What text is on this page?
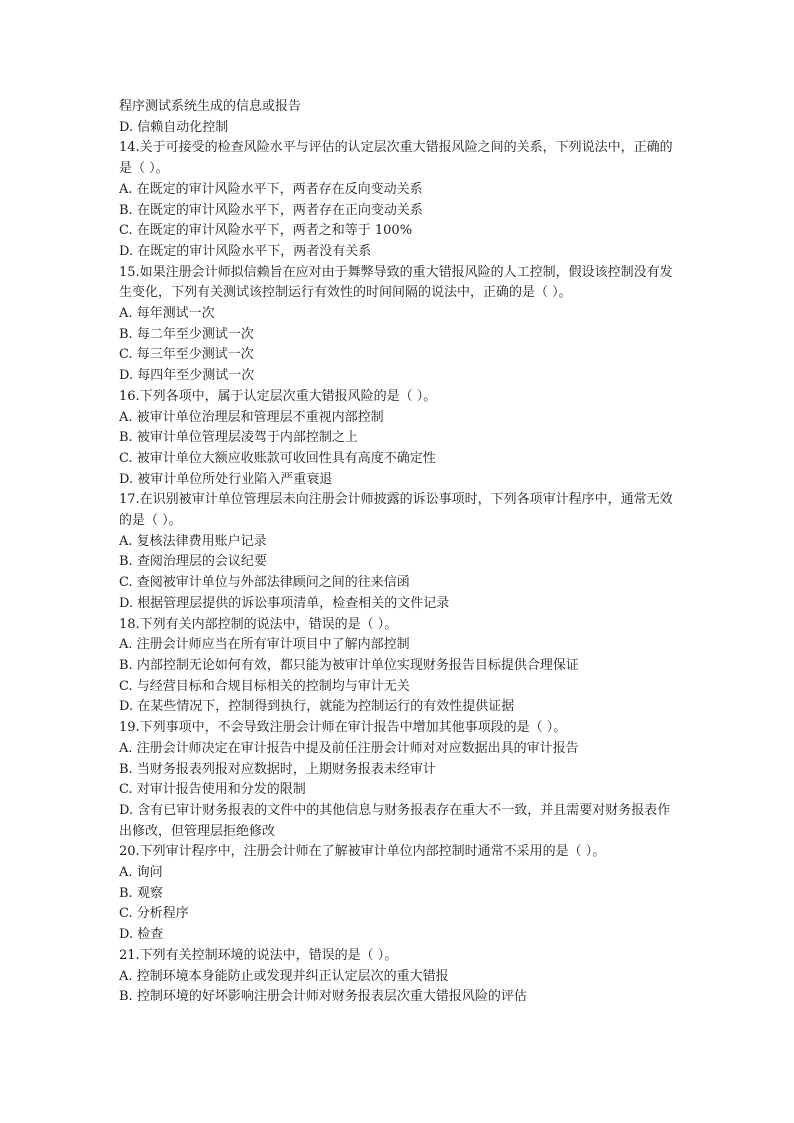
程序测试系统生成的信息或报告

D. 信赖自动化控制

14.关于可接受的检查风险水平与评估的认定层次重大错报风险之间的关系，下列说法中，正确的是（ ）。

A. 在既定的审计风险水平下，两者存在反向变动关系

B. 在既定的审计风险水平下，两者存在正向变动关系

C. 在既定的审计风险水平下，两者之和等于 100%

D. 在既定的审计风险水平下，两者没有关系

15.如果注册会计师拟信赖旨在应对由于舞弊导致的重大错报风险的人工控制，假设该控制没有发生变化，下列有关测试该控制运行有效性的时间间隔的说法中，正确的是（ ）。

A. 每年测试一次

B. 每二年至少测试一次

C. 每三年至少测试一次

D. 每四年至少测试一次

16.下列各项中，属于认定层次重大错报风险的是（ ）。

A. 被审计单位治理层和管理层不重视内部控制

B. 被审计单位管理层凌驾于内部控制之上

C. 被审计单位大额应收账款可收回性具有高度不确定性

D. 被审计单位所处行业陷入严重衰退

17.在识别被审计单位管理层未向注册会计师披露的诉讼事项时，下列各项审计程序中，通常无效的是（ ）。

A. 复核法律费用账户记录

B. 查阅治理层的会议纪要

C. 查阅被审计单位与外部法律顾问之间的往来信函

D. 根据管理层提供的诉讼事项清单，检查相关的文件记录

18.下列有关内部控制的说法中，错误的是（ ）。

A. 注册会计师应当在所有审计项目中了解内部控制

B. 内部控制无论如何有效，都只能为被审计单位实现财务报告目标提供合理保证

C. 与经营目标和合规目标相关的控制均与审计无关

D. 在某些情况下，控制得到执行，就能为控制运行的有效性提供证据

19.下列事项中，不会导致注册会计师在审计报告中增加其他事项段的是（ ）。

A. 注册会计师决定在审计报告中提及前任注册会计师对对应数据出具的审计报告

B. 当财务报表列报对应数据时，上期财务报表未经审计

C. 对审计报告使用和分发的限制

D. 含有已审计财务报表的文件中的其他信息与财务报表存在重大不一致，并且需要对财务报表作出修改，但管理层拒绝修改

20.下列审计程序中，注册会计师在了解被审计单位内部控制时通常不采用的是（ ）。

A. 询问

B. 观察

C. 分析程序

D. 检查

21.下列有关控制环境的说法中，错误的是（ ）。

A. 控制环境本身能防止或发现并纠正认定层次的重大错报

B. 控制环境的好坏影响注册会计师对财务报表层次重大错报风险的评估
